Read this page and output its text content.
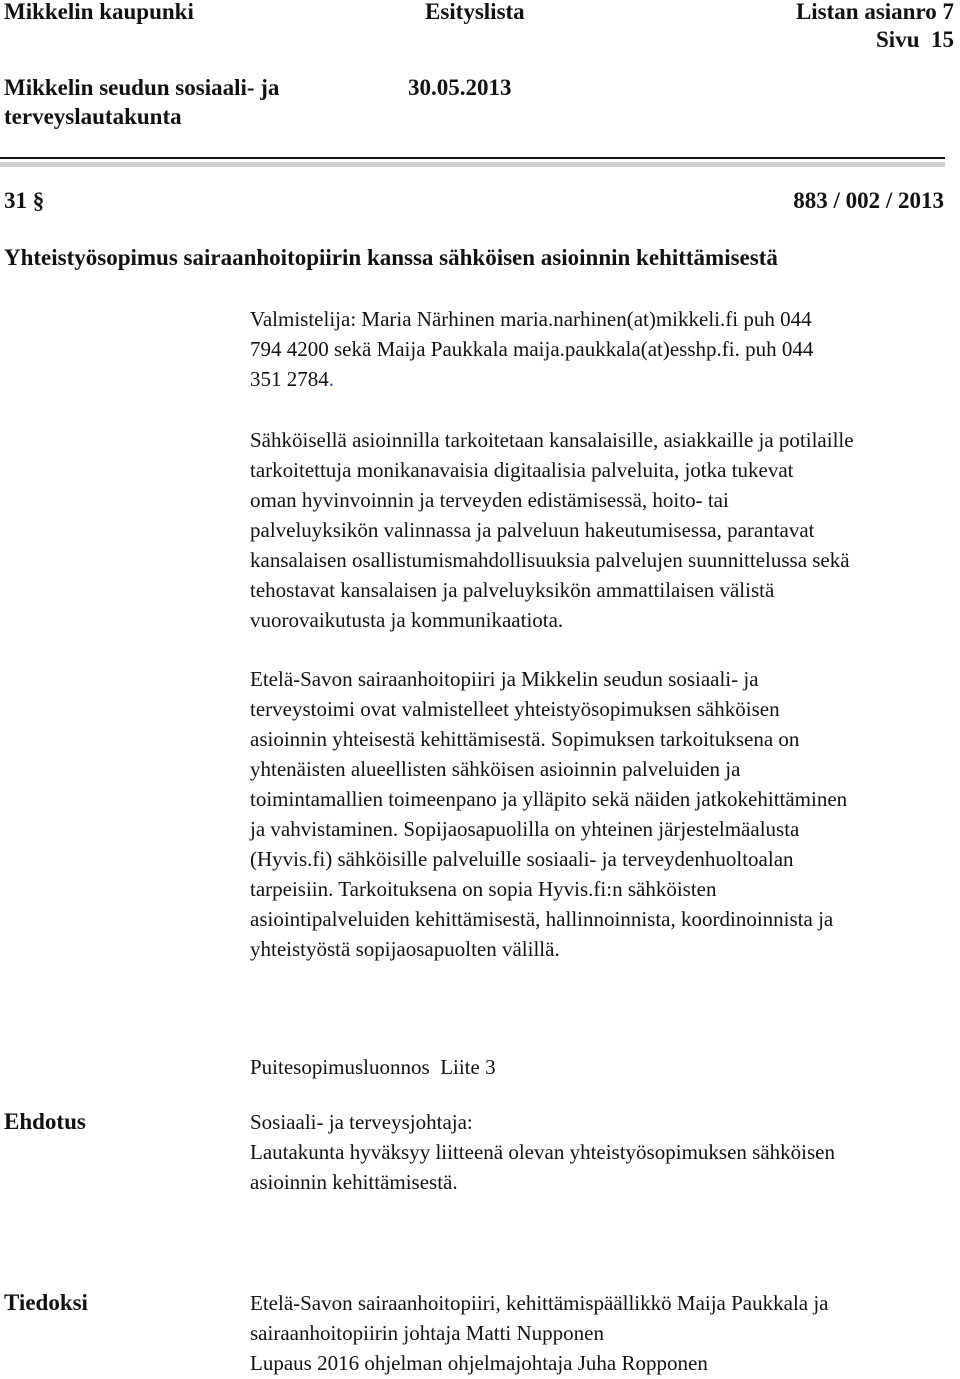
Mikkelin kaupunki	Esityslista	Listan asianro 7
Sivu  15
Mikkelin seudun sosiaali- ja
terveyslautakunta
30.05.2013
31 §	883 / 002 / 2013
Yhteistyösopimus sairaanhoitopiirin kanssa sähköisen asioinnin kehittämisestä
Valmistelija: Maria Närhinen maria.narhinen(at)mikkeli.fi puh 044
794 4200 sekä Maija Paukkala maija.paukkala(at)esshp.fi. puh 044
351 2784.
Sähköisellä asioinnilla tarkoitetaan kansalaisille, asiakkaille ja potilaille
tarkoitettuja monikanavaisia digitaalisia palveluita, jotka tukevat
oman hyvinvoinnin ja terveyden edistämisessä, hoito- tai
palveluyksikön valinnassa ja palveluun hakeutumisessa, parantavat
kansalaisen osallistumismahdollisuuksia palvelujen suunnittelussa sekä
tehostavat kansalaisen ja palveluyksikön ammattilaisen välistä
vuorovaikutusta ja kommunikaatiota.
Etelä-Savon sairaanhoitopiiri ja Mikkelin seudun sosiaali- ja
terveystoimi ovat valmistelleet yhteistyösopimuksen sähköisen
asioinnin yhteisestä kehittämisestä. Sopimuksen tarkoituksena on
yhtenäisten alueellisten sähköisen asioinnin palveluiden ja
toimintamallien toimeenpano ja ylläpito sekä näiden jatkokehittäminen
ja vahvistaminen. Sopijaosapuolilla on yhteinen järjestelmäalusta
(Hyvis.fi) sähköisille palveluille sosiaali- ja terveydenhuoltoalan
tarpeisiin. Tarkoituksena on sopia Hyvis.fi:n sähköisten
asiointipalveluiden kehittämisestä, hallinnoinnista, koordinoinnista ja
yhteistyöstä sopijaosapuolten välillä.
Puitesopimusluonnos  Liite 3
Ehdotus	Sosiaali- ja terveysjohtaja:
Lautakunta hyväksyy liitteenä olevan yhteistyösopimuksen sähköisen
asioinnin kehittämisestä.
Tiedoksi	Etelä-Savon sairaanhoitopiiri, kehittämispäällikkö Maija Paukkala ja
sairaanhoitopiirin johtaja Matti Nupponen
Lupaus 2016 ohjelman ohjelmajohtaja Juha Ropponen
